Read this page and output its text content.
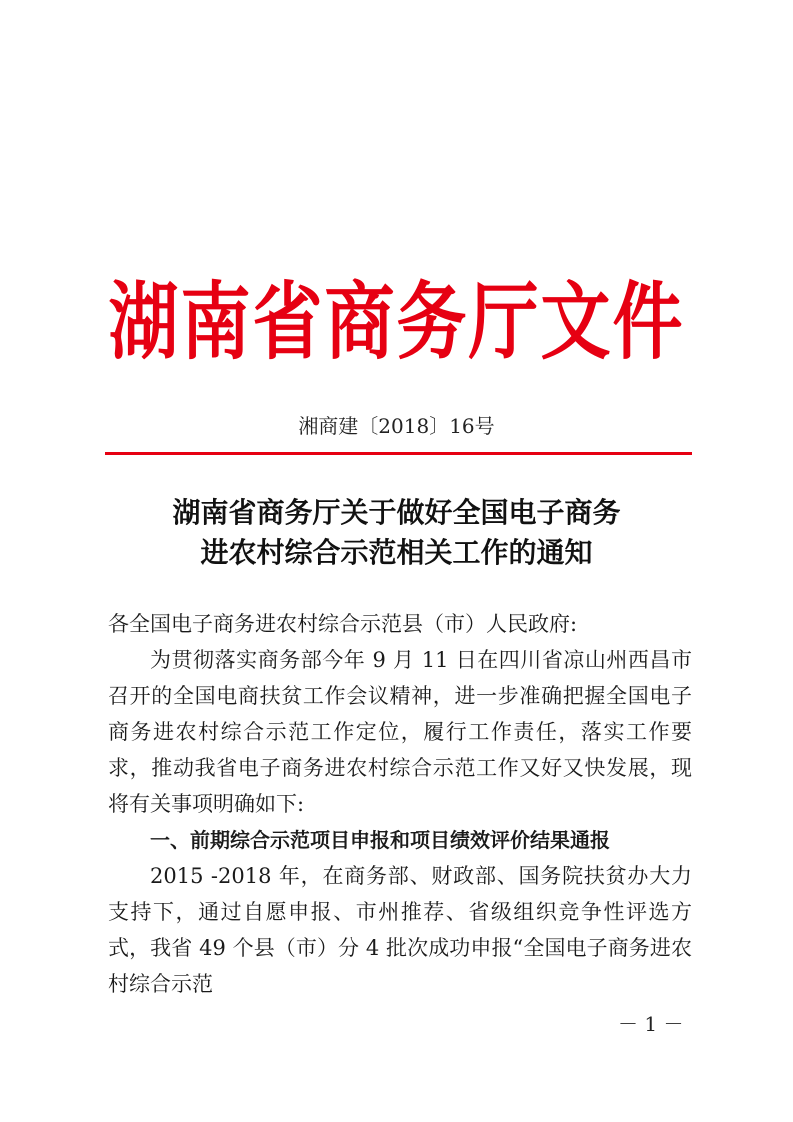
湖南省商务厅文件
湘商建〔2018〕16号
湖南省商务厅关于做好全国电子商务
进农村综合示范相关工作的通知

各全国电子商务进农村综合示范县（市）人民政府:

为贯彻落实商务部今年 9 月 11 日在四川省凉山州西昌市召开的全国电商扶贫工作会议精神，进一步准确把握全国电子商务进农村综合示范工作定位，履行工作责任，落实工作要求，推动我省电子商务进农村综合示范工作又好又快发展，现将有关事项明确如下:

一、前期综合示范项目申报和项目绩效评价结果通报

2015 -2018 年，在商务部、财政部、国务院扶贫办大力支持下，通过自愿申报、市州推荐、省级组织竞争性评选方式，我省 49 个县（市）分 4 批次成功申报“全国电子商务进农村综合示范

－ 1 －
